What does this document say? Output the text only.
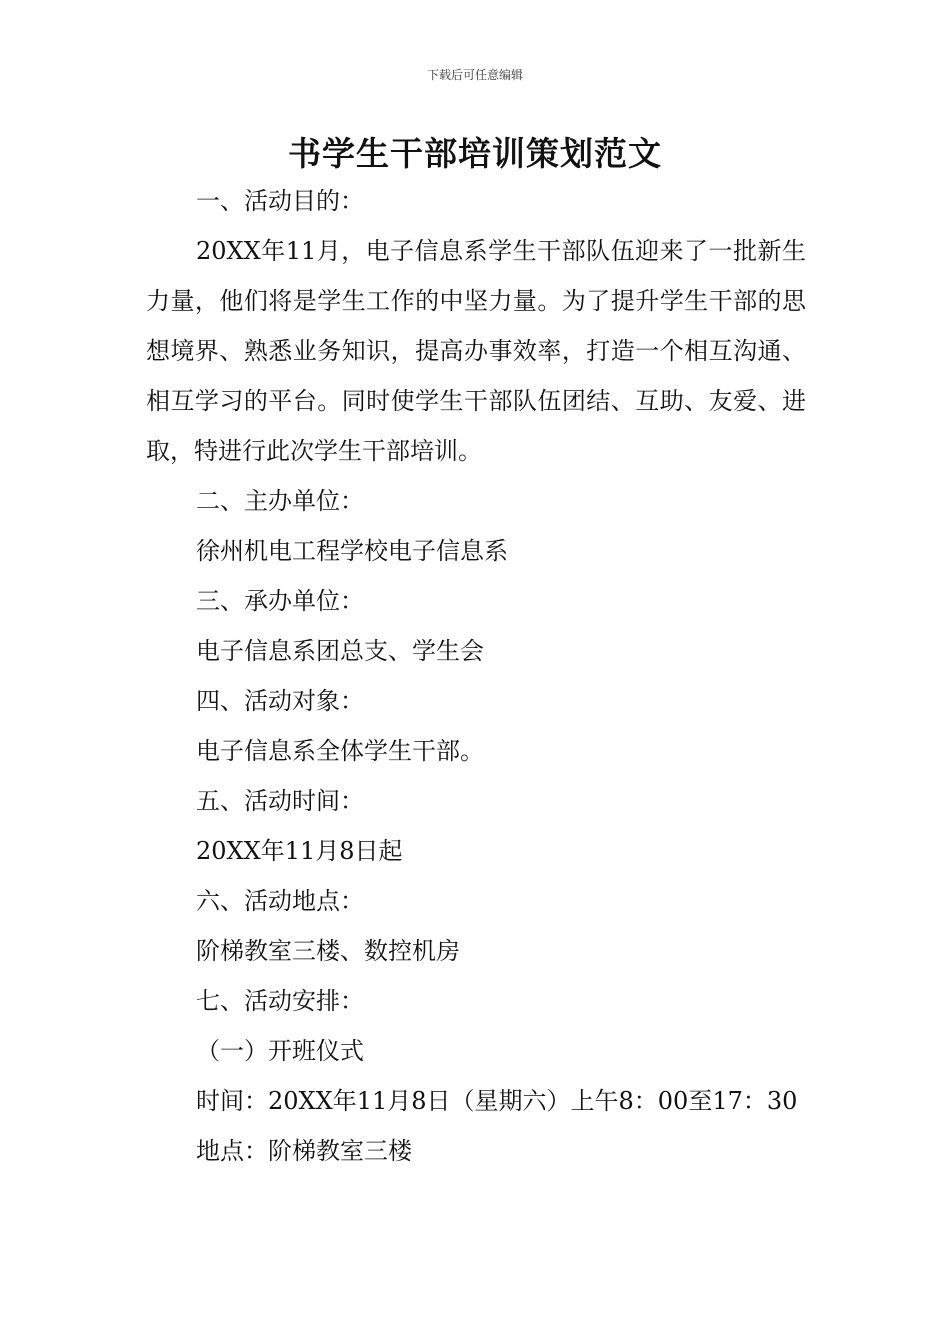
下载后可任意编辑
书学生干部培训策划范文

一、活动目的：

20XX年11月，电子信息系学生干部队伍迎来了一批新生力量，他们将是学生工作的中坚力量。为了提升学生干部的思想境界、熟悉业务知识，提高办事效率，打造一个相互沟通、相互学习的平台。同时使学生干部队伍团结、互助、友爱、进取，特进行此次学生干部培训。

二、主办单位：

徐州机电工程学校电子信息系

三、承办单位：

电子信息系团总支、学生会

四、活动对象：

电子信息系全体学生干部。

五、活动时间：

20XX年11月8日起

六、活动地点：

阶梯教室三楼、数控机房

七、活动安排：

（一）开班仪式

时间：20XX年11月8日（星期六）上午8：00至17：30

地点：阶梯教室三楼
